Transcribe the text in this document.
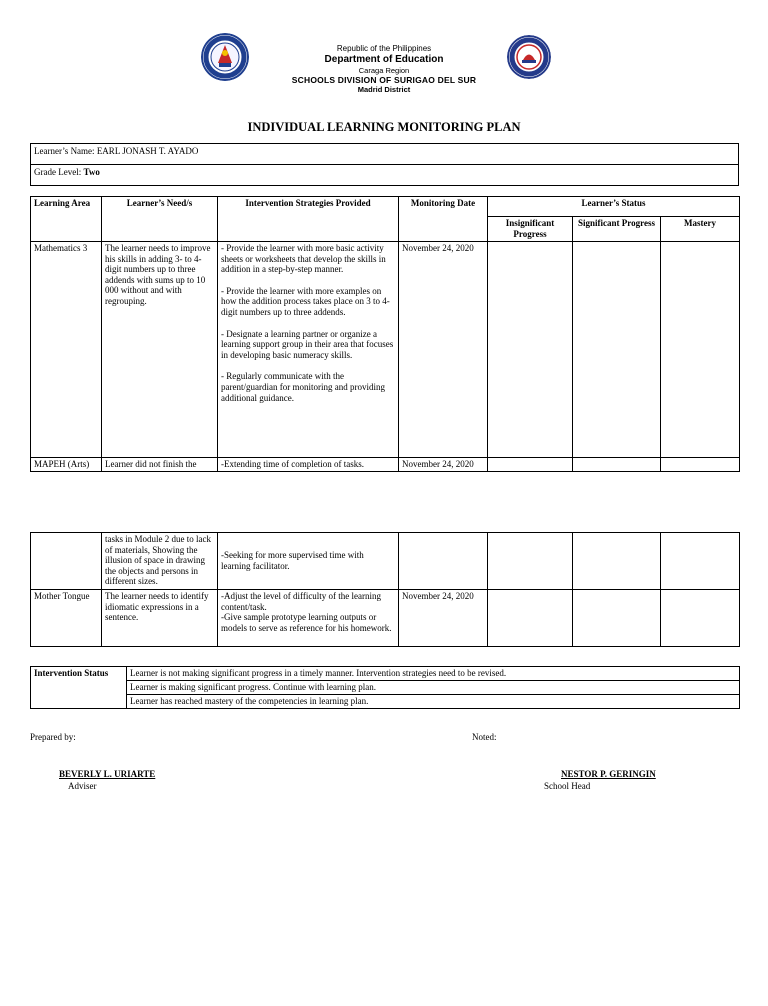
Republic of the Philippines
Department of Education
Caraga Region
SCHOOLS DIVISION OF SURIGAO DEL SUR
Madrid District
INDIVIDUAL LEARNING MONITORING PLAN
Learner’s Name: EARL JONASH T. AYADO
Grade Level: Two
Learning Area	Learner’s Need/s	Intervention Strategies Provided	Monitoring Date	Learner’s Status		
				Insignificant Progress	Significant Progress	Mastery
Mathematics 3	The learner needs to improve his skills in adding 3- to 4-digit numbers up to three addends with sums up to 10 000 without and with regrouping.	- Provide the learner with more basic activity sheets or worksheets that develop the skills in addition in a step-by-step manner.

- Provide the learner with more examples on how the addition process takes place on 3 to 4-digit numbers up to three addends.

- Designate a learning partner or organize a learning support group in their area that focuses in developing basic numeracy skills.

- Regularly communicate with the parent/guardian for monitoring and providing additional guidance.	November 24, 2020			
MAPEH (Arts)	Learner did not finish the	-Extending time of completion of tasks.	November 24, 2020			
	tasks in Module 2 due to lack of materials, Showing the illusion of space in drawing the objects and persons in different sizes.	-Seeking for more supervised time with learning facilitator.				
Mother Tongue	The learner needs to identify idiomatic expressions in a sentence.	-Adjust the level of difficulty of the learning content/task.

-Give sample prototype learning outputs or models to serve as reference for his homework.	November 24, 2020			
Intervention Status	Learner is not making significant progress in a timely manner. Intervention strategies need to be revised.
Learner is making significant progress. Continue with learning plan.
Learner has reached mastery of the competencies in learning plan.
Prepared by:	Noted:
BEVERLY L. URIARTE
Adviser
NESTOR P. GERINGIN
School Head
